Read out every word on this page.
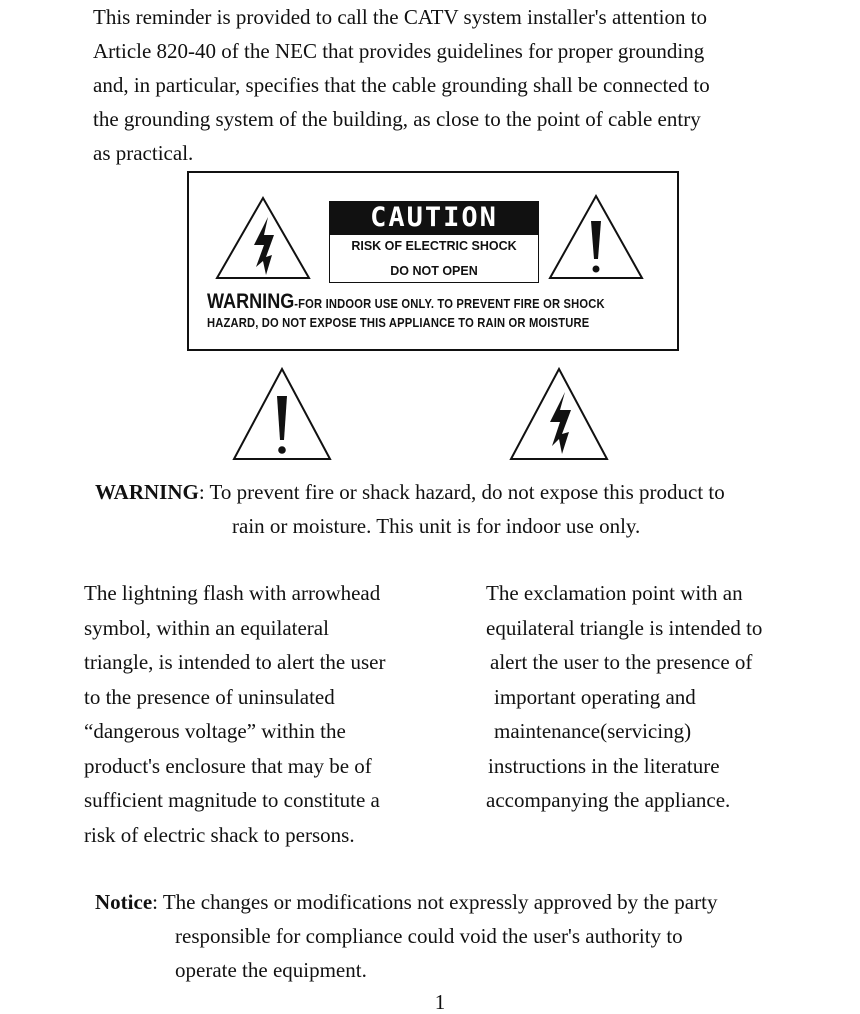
This reminder is provided to call the CATV system installer's attention to
Article 820-40 of the NEC that provides guidelines for proper grounding
and, in particular, specifies that the cable grounding shall be connected to
the grounding system of the building, as close to the point of cable entry
as practical.

CAUTION
RISK OF ELECTRIC SHOCK
DO NOT OPEN
WARNING-FOR INDOOR USE ONLY. TO PREVENT FIRE OR SHOCK
HAZARD, DO NOT EXPOSE THIS APPLIANCE TO RAIN OR MOISTURE

WARNING: To prevent fire or shack hazard, do not expose this product to
rain or moisture. This unit is for indoor use only.

The lightning flash with arrowhead
symbol, within an equilateral
triangle, is intended to alert the user
to the presence of uninsulated
“dangerous voltage” within the
product's enclosure that may be of
sufficient magnitude to constitute a
risk of electric shack to persons.

The exclamation point with an
equilateral triangle is intended to
alert the user to the presence of
important operating and
maintenance(servicing)
instructions in the literature
accompanying the appliance.

Notice: The changes or modifications not expressly approved by the party
responsible for compliance could void the user's authority to
operate the equipment.

1
